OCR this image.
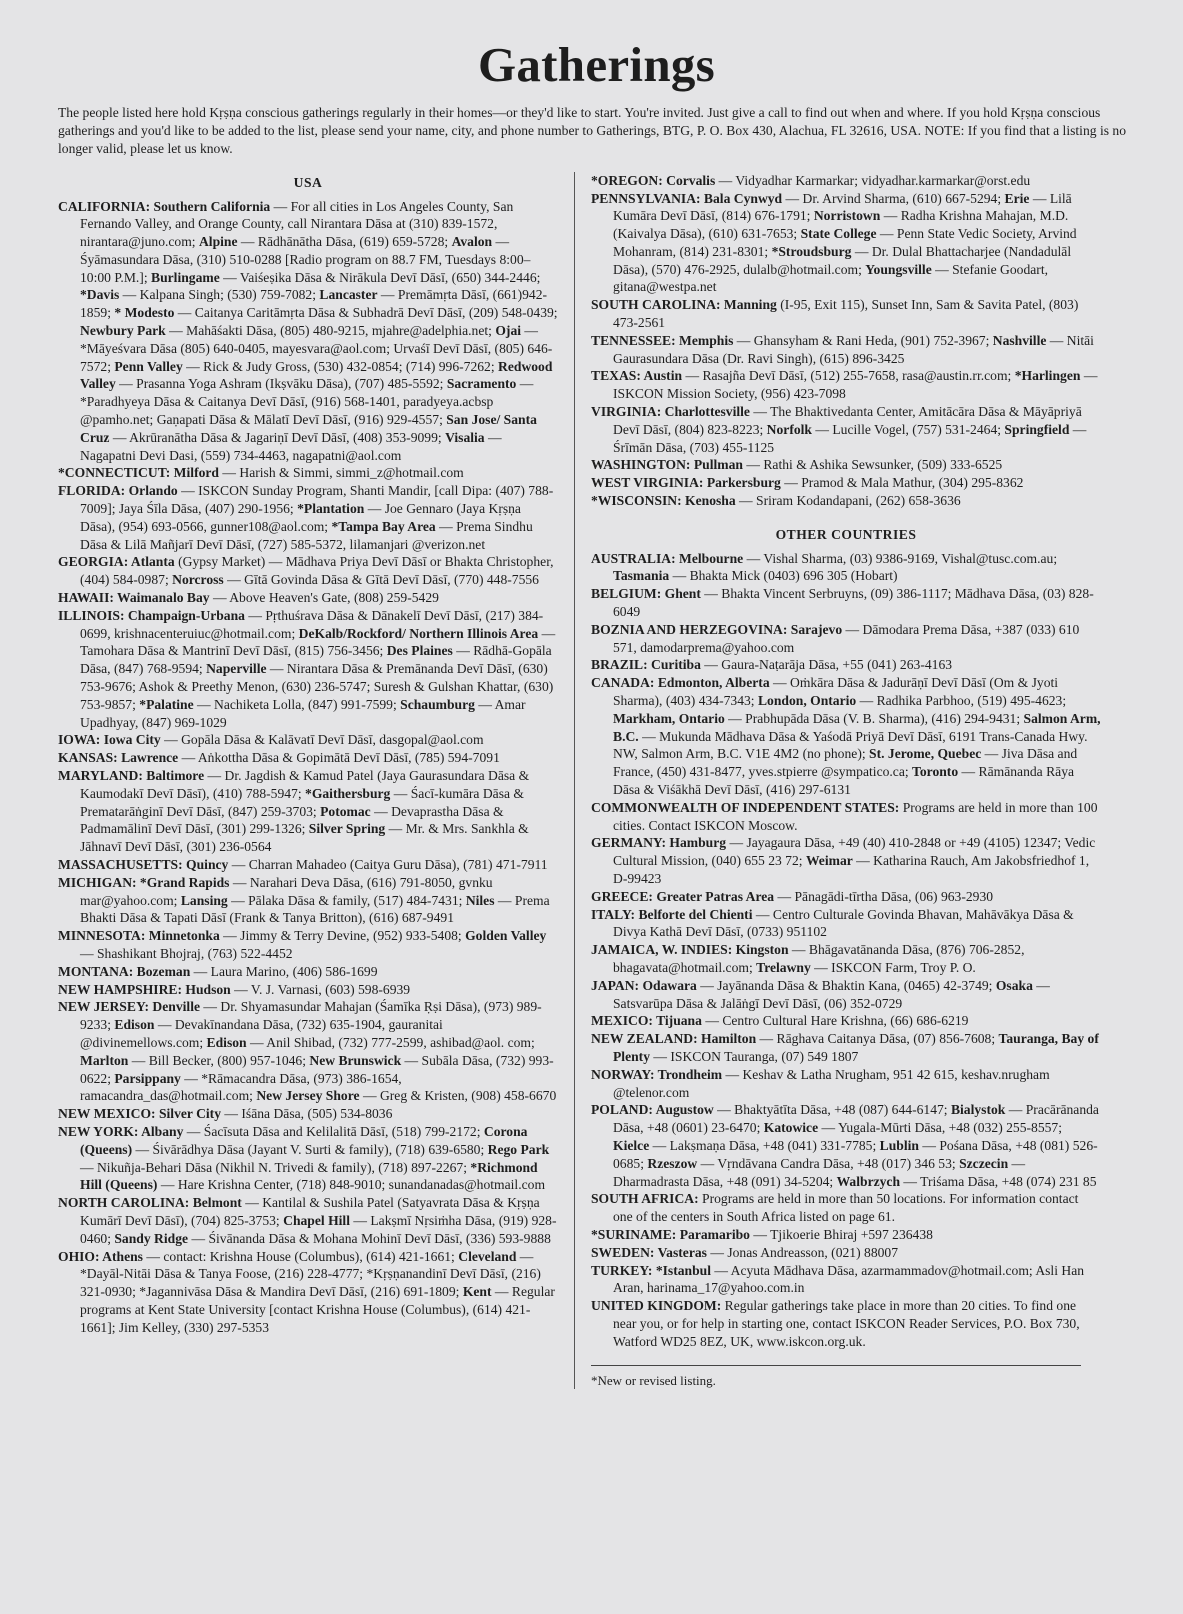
Gatherings

The people listed here hold Kṛṣṇa conscious gatherings regularly in their homes—or they'd like to start. You're invited. Just give a call to find out when and where. If you hold Kṛṣṇa conscious gatherings and you'd like to be added to the list, please send your name, city, and phone number to Gatherings, BTG, P. O. Box 430, Alachua, FL 32616, USA. NOTE: If you find that a listing is no longer valid, please let us know.

USA

CALIFORNIA: Southern California — For all cities in Los Angeles County, San Fernando Valley, and Orange County, call Nirantara Dāsa at (310) 839-1572, nirantara@juno.com; Alpine — Rādhānātha Dāsa, (619) 659-5728; Avalon — Śyāmasundara Dāsa, (310) 510-0288 [Radio program on 88.7 FM, Tuesdays 8:00–10:00 P.M.]; Burlingame — Vaiśeṣika Dāsa & Nirākula Devī Dāsī, (650) 344-2446; *Davis — Kalpana Singh; (530) 759-7082; Lancaster — Premāmṛta Dāsī, (661)942-1859; * Modesto — Caitanya Caritāmṛta Dāsa & Subhadrā Devī Dāsī, (209) 548-0439; Newbury Park — Mahāśakti Dāsa, (805) 480-9215, mjahre@adelphia.net; Ojai — *Māyeśvara Dāsa (805) 640-0405, mayesvara@aol.com; Urvaśī Devī Dāsī, (805) 646-7572; Penn Valley — Rick & Judy Gross, (530) 432-0854; (714) 996-7262; Redwood Valley — Prasanna Yoga Ashram (Ikṣvāku Dāsa), (707) 485-5592; Sacramento — *Paradhyeya Dāsa & Caitanya Devī Dāsī, (916) 568-1401, paradyeya.acbsp @pamho.net; Gaṇapati Dāsa & Mālatī Devī Dāsī, (916) 929-4557; San Jose/ Santa Cruz — Akrūranātha Dāsa & Jagariṇī Devī Dāsī, (408) 353-9099; Visalia — Nagapatni Devi Dasi, (559) 734-4463, nagapatni@aol.com

*CONNECTICUT: Milford — Harish & Simmi, simmi_z@hotmail.com

FLORIDA: Orlando — ISKCON Sunday Program, Shanti Mandir, [call Dipa: (407) 788-7009]; Jaya Śīla Dāsa, (407) 290-1956; *Plantation — Joe Gennaro (Jaya Kṛṣṇa Dāsa), (954) 693-0566, gunner108@aol.com; *Tampa Bay Area — Prema Sindhu Dāsa & Lilā Mañjarī Devī Dāsī, (727) 585-5372, lilamanjari @verizon.net

GEORGIA: Atlanta (Gypsy Market) — Mādhava Priya Devī Dāsī or Bhakta Christopher, (404) 584-0987; Norcross — Gītā Govinda Dāsa & Gītā Devī Dāsī, (770) 448-7556

HAWAII: Waimanalo Bay — Above Heaven's Gate, (808) 259-5429

ILLINOIS: Champaign-Urbana — Pṛthuśrava Dāsa & Dānakelī Devī Dāsī, (217) 384-0699, krishnacenteruiuc@hotmail.com; DeKalb/Rockford/ Northern Illinois Area — Tamohara Dāsa & Mantrinī Devī Dāsī, (815) 756-3456; Des Plaines — Rādhā-Gopāla Dāsa, (847) 768-9594; Naperville — Nirantara Dāsa & Premānanda Devī Dāsī, (630) 753-9676; Ashok & Preethy Menon, (630) 236-5747; Suresh & Gulshan Khattar, (630) 753-9857; *Palatine — Nachiketa Lolla, (847) 991-7599; Schaumburg — Amar Upadhyay, (847) 969-1029

IOWA: Iowa City — Gopāla Dāsa & Kalāvatī Devī Dāsī, dasgopal@aol.com

KANSAS: Lawrence — Aṅkottha Dāsa & Gopimātā Devī Dāsī, (785) 594-7091

MARYLAND: Baltimore — Dr. Jagdish & Kamud Patel (Jaya Gaurasundara Dāsa & Kaumodakī Devī Dāsī), (410) 788-5947; *Gaithersburg — Śacī-kumāra Dāsa & Prematarāṅginī Devī Dāsī, (847) 259-3703; Potomac — Devaprastha Dāsa & Padmamālinī Devī Dāsī, (301) 299-1326; Silver Spring — Mr. & Mrs. Sankhla & Jāhnavī Devī Dāsī, (301) 236-0564

MASSACHUSETTS: Quincy — Charran Mahadeo (Caitya Guru Dāsa), (781) 471-7911

MICHIGAN: *Grand Rapids — Narahari Deva Dāsa, (616) 791-8050, gvnku mar@yahoo.com; Lansing — Pālaka Dāsa & family, (517) 484-7431; Niles — Prema Bhakti Dāsa & Tapati Dāsī (Frank & Tanya Britton), (616) 687-9491

MINNESOTA: Minnetonka — Jimmy & Terry Devine, (952) 933-5408; Golden Valley — Shashikant Bhojraj, (763) 522-4452

MONTANA: Bozeman — Laura Marino, (406) 586-1699

NEW HAMPSHIRE: Hudson — V. J. Varnasi, (603) 598-6939

NEW JERSEY: Denville — Dr. Shyamasundar Mahajan (Śamīka Ṛṣi Dāsa), (973) 989-9233; Edison — Devakīnandana Dāsa, (732) 635-1904, gauranitai @divinemellows.com; Edison — Anil Shibad, (732) 777-2599, ashibad@aol. com; Marlton — Bill Becker, (800) 957-1046; New Brunswick — Subāla Dāsa, (732) 993-0622; Parsippany — *Rāmacandra Dāsa, (973) 386-1654, ramacandra_das@hotmail.com; New Jersey Shore — Greg & Kristen, (908) 458-6670

NEW MEXICO: Silver City — Iśāna Dāsa, (505) 534-8036

NEW YORK: Albany — Śacīsuta Dāsa and Kelilalitā Dāsī, (518) 799-2172; Corona (Queens) — Śivārādhya Dāsa (Jayant V. Surti & family), (718) 639-6580; Rego Park — Nikuñja-Behari Dāsa (Nikhil N. Trivedi & family), (718) 897-2267; *Richmond Hill (Queens) — Hare Krishna Center, (718) 848-9010; sunandanadas@hotmail.com

NORTH CAROLINA: Belmont — Kantilal & Sushila Patel (Satyavrata Dāsa & Kṛṣṇa Kumārī Devī Dāsī), (704) 825-3753; Chapel Hill — Lakṣmī Nṛsiṁha Dāsa, (919) 928-0460; Sandy Ridge — Śivānanda Dāsa & Mohana Mohinī Devī Dāsī, (336) 593-9888

OHIO: Athens — contact: Krishna House (Columbus), (614) 421-1661; Cleveland — *Dayāl-Nitāi Dāsa & Tanya Foose, (216) 228-4777; *Kṛṣṇanandinī Devī Dāsī, (216) 321-0930; *Jagannivāsa Dāsa & Mandira Devī Dāsī, (216) 691-1809; Kent — Regular programs at Kent State University [contact Krishna House (Columbus), (614) 421-1661]; Jim Kelley, (330) 297-5353

*OREGON: Corvalis — Vidyadhar Karmarkar; vidyadhar.karmarkar@orst.edu

PENNSYLVANIA: Bala Cynwyd — Dr. Arvind Sharma, (610) 667-5294; Erie — Lilā Kumāra Devī Dāsī, (814) 676-1791; Norristown — Radha Krishna Mahajan, M.D. (Kaivalya Dāsa), (610) 631-7653; State College — Penn State Vedic Society, Arvind Mohanram, (814) 231-8301; *Stroudsburg — Dr. Dulal Bhattacharjee (Nandadulāl Dāsa), (570) 476-2925, dulalb@hotmail.com; Youngsville — Stefanie Goodart, gitana@westpa.net

SOUTH CAROLINA: Manning (I-95, Exit 115), Sunset Inn, Sam & Savita Patel, (803) 473-2561

TENNESSEE: Memphis — Ghansyham & Rani Heda, (901) 752-3967; Nashville — Nitāi Gaurasundara Dāsa (Dr. Ravi Singh), (615) 896-3425

TEXAS: Austin — Rasajña Devī Dāsī, (512) 255-7658, rasa@austin.rr.com; *Harlingen — ISKCON Mission Society, (956) 423-7098

VIRGINIA: Charlottesville — The Bhaktivedanta Center, Amitācāra Dāsa & Māyāpriyā Devī Dāsī, (804) 823-8223; Norfolk — Lucille Vogel, (757) 531-2464; Springfield — Śrīmān Dāsa, (703) 455-1125

WASHINGTON: Pullman — Rathi & Ashika Sewsunker, (509) 333-6525

WEST VIRGINIA: Parkersburg — Pramod & Mala Mathur, (304) 295-8362

*WISCONSIN: Kenosha — Sriram Kodandapani, (262) 658-3636

OTHER COUNTRIES

AUSTRALIA: Melbourne — Vishal Sharma, (03) 9386-9169, Vishal@tusc.com.au; Tasmania — Bhakta Mick (0403) 696 305 (Hobart)

BELGIUM: Ghent — Bhakta Vincent Serbruyns, (09) 386-1117; Mādhava Dāsa, (03) 828-6049

BOZNIA AND HERZEGOVINA: Sarajevo — Dāmodara Prema Dāsa, +387 (033) 610 571, damodarprema@yahoo.com

BRAZIL: Curitiba — Gaura-Naṭarāja Dāsa, +55 (041) 263-4163

CANADA: Edmonton, Alberta — Oṁkāra Dāsa & Jadurāṇī Devī Dāsī (Om & Jyoti Sharma), (403) 434-7343; London, Ontario — Radhika Parbhoo, (519) 495-4623; Markham, Ontario — Prabhupāda Dāsa (V. B. Sharma), (416) 294-9431; Salmon Arm, B.C. — Mukunda Mādhava Dāsa & Yaśodā Priyā Devī Dāsī, 6191 Trans-Canada Hwy. NW, Salmon Arm, B.C. V1E 4M2 (no phone); St. Jerome, Quebec — Jiva Dāsa and France, (450) 431-8477, yves.stpierre @sympatico.ca; Toronto — Rāmānanda Rāya Dāsa & Viśākhā Devī Dāsī, (416) 297-6131

COMMONWEALTH OF INDEPENDENT STATES: Programs are held in more than 100 cities. Contact ISKCON Moscow.

GERMANY: Hamburg — Jayagaura Dāsa, +49 (40) 410-2848 or +49 (4105) 12347; Vedic Cultural Mission, (040) 655 23 72; Weimar — Katharina Rauch, Am Jakobsfriedhof 1, D-99423

GREECE: Greater Patras Area — Pānagādi-tīrtha Dāsa, (06) 963-2930

ITALY: Belforte del Chienti — Centro Culturale Govinda Bhavan, Mahāvākya Dāsa & Divya Kathā Devī Dāsī, (0733) 951102

JAMAICA, W. INDIES: Kingston — Bhāgavatānanda Dāsa, (876) 706-2852, bhagavata@hotmail.com; Trelawny — ISKCON Farm, Troy P. O.

JAPAN: Odawara — Jayānanda Dāsa & Bhaktin Kana, (0465) 42-3749; Osaka — Satsvarūpa Dāsa & Jalāṅgī Devī Dāsī, (06) 352-0729

MEXICO: Tijuana — Centro Cultural Hare Krishna, (66) 686-6219

NEW ZEALAND: Hamilton — Rāghava Caitanya Dāsa, (07) 856-7608; Tauranga, Bay of Plenty — ISKCON Tauranga, (07) 549 1807

NORWAY: Trondheim — Keshav & Latha Nrugham, 951 42 615, keshav.nrugham @telenor.com

POLAND: Augustow — Bhaktyātīta Dāsa, +48 (087) 644-6147; Bialystok — Pracārānanda Dāsa, +48 (0601) 23-6470; Katowice — Yugala-Mūrti Dāsa, +48 (032) 255-8557; Kielce — Lakṣmaṇa Dāsa, +48 (041) 331-7785; Lublin — Pośana Dāsa, +48 (081) 526-0685; Rzeszow — Vṛndāvana Candra Dāsa, +48 (017) 346 53; Szczecin — Dharmadrasta Dāsa, +48 (091) 34-5204; Walbrzych — Triśama Dāsa, +48 (074) 231 85

SOUTH AFRICA: Programs are held in more than 50 locations. For information contact one of the centers in South Africa listed on page 61.

*SURINAME: Paramaribo — Tjikoerie Bhiraj +597 236438

SWEDEN: Vasteras — Jonas Andreasson, (021) 88007

TURKEY: *Istanbul — Acyuta Mādhava Dāsa, azarmammadov@hotmail.com; Asli Han Aran, harinama_17@yahoo.com.in

UNITED KINGDOM: Regular gatherings take place in more than 20 cities. To find one near you, or for help in starting one, contact ISKCON Reader Services, P.O. Box 730, Watford WD25 8EZ, UK, www.iskcon.org.uk.

*New or revised listing.
